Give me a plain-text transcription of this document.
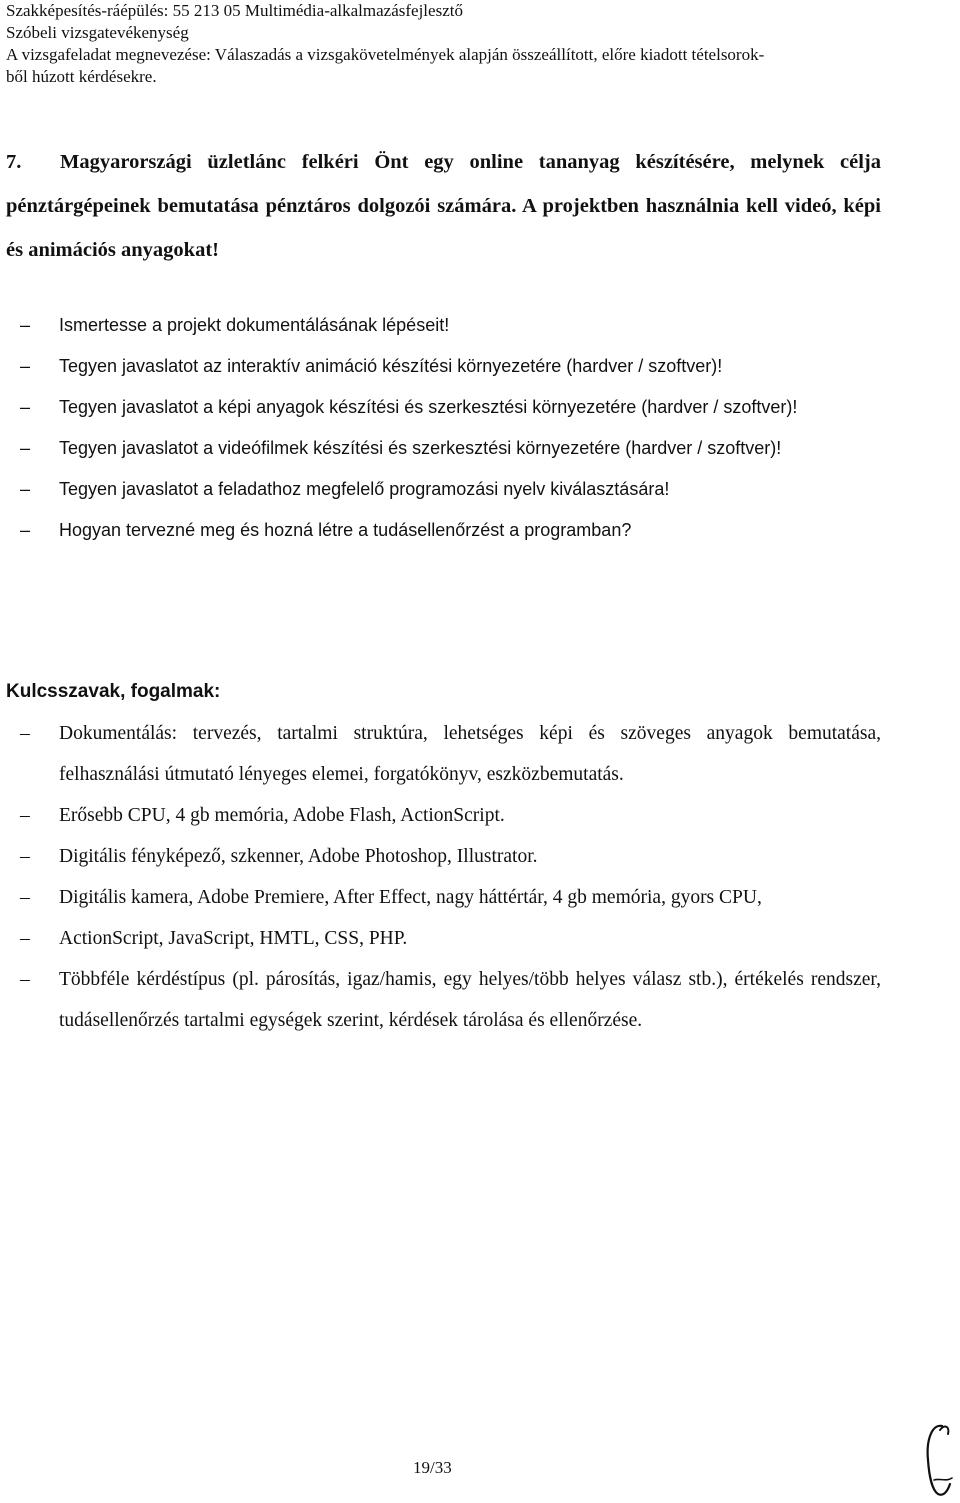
Szakképesítés-ráépülés: 55 213 05 Multimédia-alkalmazásfejlesztő
Szóbeli vizsgatevékenység
A vizsgafeladat megnevezése: Válaszadás a vizsgakövetelmények alapján összeállított, előre kiadott tételsorok-
ből húzott kérdésekre.
7. Magyarországi üzletlánc felkéri Önt egy online tananyag készítésére, melynek célja pénztárgépeinek bemutatása pénztáros dolgozói számára. A projektben használnia kell videó, képi és animációs anyagokat!
–	Ismertesse a projekt dokumentálásának lépéseit!
–	Tegyen javaslatot az interaktív animáció készítési környezetére (hardver / szoftver)!
–	Tegyen javaslatot a képi anyagok készítési és szerkesztési környezetére (hardver / szoftver)!
–	Tegyen javaslatot a videófilmek készítési és szerkesztési környezetére (hardver / szoftver)!
–	Tegyen javaslatot a feladathoz megfelelő programozási nyelv kiválasztására!
–	Hogyan tervezné meg és hozná létre a tudásellenőrzést a programban?
Kulcsszavak, fogalmak:
–	Dokumentálás: tervezés, tartalmi struktúra, lehetséges képi és szöveges anyagok bemutatása, felhasználási útmutató lényeges elemei, forgatókönyv, eszközbemutatás.
–	Erősebb CPU, 4 gb memória, Adobe Flash, ActionScript.
–	Digitális fényképező, szkenner, Adobe Photoshop, Illustrator.
–	Digitális kamera, Adobe Premiere, After Effect, nagy háttértár, 4 gb memória, gyors CPU,
–	ActionScript, JavaScript, HMTL, CSS, PHP.
–	Többféle kérdéstípus (pl. párosítás, igaz/hamis, egy helyes/több helyes válasz stb.), értékelés rendszer, tudásellenőrzés tartalmi egységek szerint, kérdések tárolása és ellenőrzése.
19/33
